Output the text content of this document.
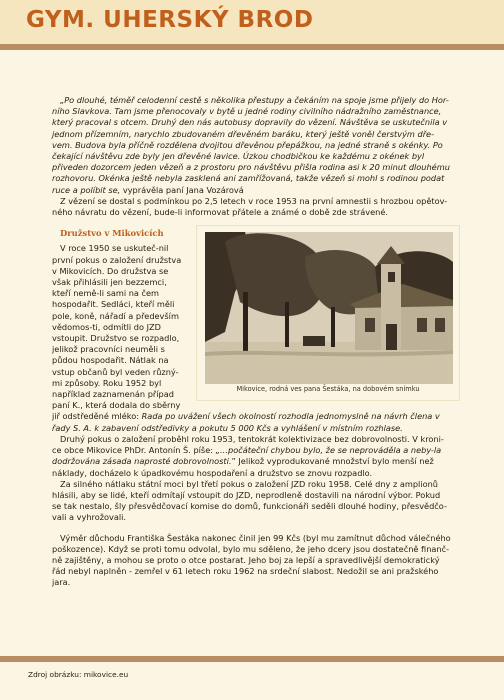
GYM. UHERSKÝ BROD

„Po dlouhé, téměř celodenní cestě s několika přestupy a čekáním na spoje jsme přijely do Hor-ního Slavkova. Tam jsme přenocovaly v bytě u jedné rodiny civilního nádražního zaměstnance, který pracoval s otcem. Druhý den nás autobusy dopravily do vězení. Návštěva se uskutečnila v jednom přízemním, narychlo zbudovaném dřevěném baráku, který ještě voněl čerstvým dře-vem. Budova byla příčně rozdělena dvojitou dřevěnou přepážkou, na jedné straně s okénky. Po čekající návštěvu zde byly jen dřevěné lavice. Úzkou chodbičkou ke každému z okének byl přiveden dozorcem jeden vězeň a z prostoru pro návštěvu přišla rodina asi k 20 minut dlouhému rozhovoru. Okénka ještě nebyla zasklená ani zamřížovaná, takže vězeň si mohl s rodinou podat ruce a políbit se, vyprávěla paní Jana Vozárová

Z vězení se dostal s podmínkou po 2,5 letech v roce 1953 na první amnestii s hrozbou opětov-ného návratu do vězení, bude-li informovat přátele a známé o době zde strávené.

Družstvo v Mikovicích
Mikovice, rodná ves pana Šestáka, na dobovém snímku

V roce 1950 se uskuteč-nil první pokus o založení družstva v Mikovicích. Do družstva se však přihlásili jen bezzemci, kteří nemě-li sami na čem hospodařit. Sedláci, kteří měli pole, koně, nářadí a především vědomos-ti, odmítli do JZD vstoupit. Družstvo se rozpadlo, jelikož pracovníci neuměli s půdou hospodařit. Nátlak na vstup občanů byl veden různý-mi způsoby. Roku 1952 byl například zaznamenán případ paní K., která dodala do sběrny jiř odstředěné mléko: Rada po uvážení všech okolností rozhodla jednomyslně na návrh člena v řady S. A. k zabavení odstředivky a pokutu 5 000 Kčs a vyhlášení v místním rozhlase.

Druhý pokus o založení proběhl roku 1953, tentokrát kolektivizace bez dobrovolnosti. V kroni-ce obce Mikovice PhDr. Antonín Š. píše: „…počáteční chybou bylo, že se neprováděla a neby-la dodržována zásada naprosté dobrovolnosti.” Jelikož vyprodukované množství bylo menší než náklady, docházelo k úpadkovému hospodaření a družstvo se znovu rozpadlo.

Za silného nátlaku státní moci byl třetí pokus o založení JZD roku 1958. Celé dny z amplionů hlásili, aby se lidé, kteří odmítají vstoupit do JZD, neprodleně dostavili na národní výbor. Pokud se tak nestalo, šly přesvědčovací komise do domů, funkcionáři seděli dlouhé hodiny, přesvědčo-vali a vyhrožovali.

Výměr důchodu Františka Šestáka nakonec činil jen 99 Kčs (byl mu zamítnut důchod válečného poškozence). Když se proti tomu odvolal, bylo mu sděleno, že jeho dcery jsou dostatečně finanč-ně zajištěny, a mohou se proto o otce postarat. Jeho boj za lepší a spravedlivější demokratický řád nebyl naplněn - zemřel v 61 letech roku 1962 na srdeční slabost. Nedožil se ani pražského jara.

Zdroj obrázku: mikovice.eu
